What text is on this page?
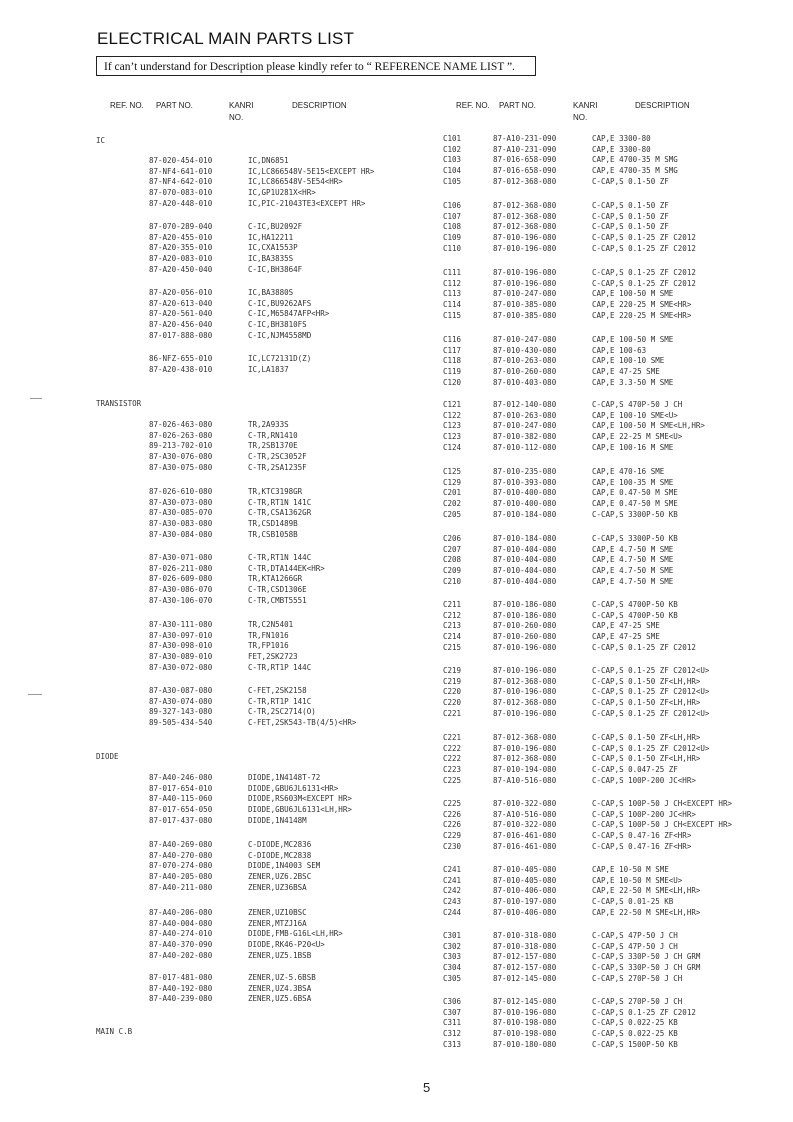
ELECTRICAL MAIN PARTS LIST
If can’t understand for Description please kindly refer to “ REFERENCE NAME LIST ”.
REF. NO. PART NO.	KANRI
NO.
DESCRIPTION	REF. NO. PART NO.	KANRI
NO.
DESCRIPTION
IC
TRANSISTOR
DIODE
MAIN C.B
87-020-454-010	IC,DN6851
87-NF4-641-010	IC,LC866548V-5E15<EXCEPT HR>
87-NF4-642-010	IC,LC866548V-5E54<HR>
87-070-083-010	IC,GP1U281X<HR>
87-A20-448-010	IC,PIC-21043TE3<EXCEPT HR>
87-070-289-040	C-IC,BU2092F
87-A20-455-010	IC,HA12211
87-A20-355-010	IC,CXA1553P
87-A20-083-010	IC,BA3835S
87-A20-450-040	C-IC,BH3864F
87-A20-056-010	IC,BA3880S
87-A20-613-040	C-IC,BU9262AFS
87-A20-561-040	C-IC,M65847AFP<HR>
87-A20-456-040	C-IC,BH3810FS
87-017-888-080	C-IC,NJM4558MD
86-NFZ-655-010	IC,LC72131D(Z)
87-A20-438-010	IC,LA1837
87-026-463-080	TR,2A933S
87-026-263-080	C-TR,RN1410
89-213-702-010	TR,2SB1370E
87-A30-076-080	C-TR,2SC3052F
87-A30-075-080	C-TR,2SA1235F
87-026-610-080	TR,KTC3198GR
87-A30-073-080	C-TR,RT1N 141C
87-A30-085-070	C-TR,CSA1362GR
87-A30-083-080	TR,CSD1489B
87-A30-084-080	TR,CSB1058B
87-A30-071-080	C-TR,RT1N 144C
87-026-211-080	C-TR,DTA144EK<HR>
87-026-609-080	TR,KTA1266GR
87-A30-086-070	C-TR,CSD1306E
87-A30-106-070	C-TR,CMBT5551
87-A30-111-080	TR,C2N5401
87-A30-097-010	TR,FN1016
87-A30-098-010	TR,FP1016
87-A30-089-010	FET,2SK2723
87-A30-072-080	C-TR,RT1P 144C
87-A30-087-080	C-FET,2SK2158
87-A30-074-080	C-TR,RT1P 141C
89-327-143-080	C-TR,2SC2714(O)
89-505-434-540	C-FET,2SK543-TB(4/5)<HR>
87-A40-246-080	DIODE,1N4148T-72
87-017-654-010	DIODE,GBU6JL6131<HR>
87-A40-115-060	DIODE,RS603M<EXCEPT HR>
87-017-654-050	DIODE,GBU6JL6131<LH,HR>
87-017-437-080	DIODE,1N4148M
87-A40-269-080	C-DIODE,MC2836
87-A40-270-080	C-DIODE,MC2838
87-070-274-080	DIODE,1N4003 SEM
87-A40-205-080	ZENER,UZ6.2BSC
87-A40-211-080	ZENER,UZ36BSA
87-A40-206-080	ZENER,UZ10BSC
87-A40-004-080	ZENER,MTZJ16A
87-A40-274-010	DIODE,FMB-G16L<LH,HR>
87-A40-370-090	DIODE,RK46-P20<U>
87-A40-202-080	ZENER,UZ5.1BSB
87-017-481-080	ZENER,UZ-5.6BSB
87-A40-192-080	ZENER,UZ4.3BSA
87-A40-239-080	ZENER,UZ5.6BSA
C101	87-A10-231-090	CAP,E 3300-80
C102	87-A10-231-090	CAP,E 3300-80
C103	87-016-658-090	CAP,E 4700-35 M SMG
C104	87-016-658-090	CAP,E 4700-35 M SMG
C105	87-012-368-080	C-CAP,S 0.1-50 ZF
C106	87-012-368-080	C-CAP,S 0.1-50 ZF
C107	87-012-368-080	C-CAP,S 0.1-50 ZF
C108	87-012-368-080	C-CAP,S 0.1-50 ZF
C109	87-010-196-080	C-CAP,S 0.1-25 ZF C2012
C110	87-010-196-080	C-CAP,S 0.1-25 ZF C2012
C111	87-010-196-080	C-CAP,S 0.1-25 ZF C2012
C112	87-010-196-080	C-CAP,S 0.1-25 ZF C2012
C113	87-010-247-080	CAP,E 100-50 M SME
C114	87-010-385-080	CAP,E 220-25 M SME<HR>
C115	87-010-385-080	CAP,E 220-25 M SME<HR>
C116	87-010-247-080	CAP,E 100-50 M SME
C117	87-010-430-080	CAP,E 100-63
C118	87-010-263-080	CAP,E 100-10 SME
C119	87-010-260-080	CAP,E 47-25 SME
C120	87-010-403-080	CAP,E 3.3-50 M SME
C121	87-012-140-080	C-CAP,S 470P-50 J CH
C122	87-010-263-080	CAP,E 100-10 SME<U>
C123	87-010-247-080	CAP,E 100-50 M SME<LH,HR>
C123	87-010-382-080	CAP,E 22-25 M SME<U>
C124	87-010-112-080	CAP,E 100-16 M SME
C125	87-010-235-080	CAP,E 470-16 SME
C129	87-010-393-080	CAP,E 100-35 M SME
C201	87-010-400-080	CAP,E 0.47-50 M SME
C202	87-010-400-080	CAP,E 0.47-50 M SME
C205	87-010-184-080	C-CAP,S 3300P-50 KB
C206	87-010-184-080	C-CAP,S 3300P-50 KB
C207	87-010-404-080	CAP,E 4.7-50 M SME
C208	87-010-404-080	CAP,E 4.7-50 M SME
C209	87-010-404-080	CAP,E 4.7-50 M SME
C210	87-010-404-080	CAP,E 4.7-50 M SME
C211	87-010-186-080	C-CAP,S 4700P-50 KB
C212	87-010-186-080	C-CAP,S 4700P-50 KB
C213	87-010-260-080	CAP,E 47-25 SME
C214	87-010-260-080	CAP,E 47-25 SME
C215	87-010-196-080	C-CAP,S 0.1-25 ZF C2012
C219	87-010-196-080	C-CAP,S 0.1-25 ZF C2012<U>
C219	87-012-368-080	C-CAP,S 0.1-50 ZF<LH,HR>
C220	87-010-196-080	C-CAP,S 0.1-25 ZF C2012<U>
C220	87-012-368-080	C-CAP,S 0.1-50 ZF<LH,HR>
C221	87-010-196-080	C-CAP,S 0.1-25 ZF C2012<U>
C221	87-012-368-080	C-CAP,S 0.1-50 ZF<LH,HR>
C222	87-010-196-080	C-CAP,S 0.1-25 ZF C2012<U>
C222	87-012-368-080	C-CAP,S 0.1-50 ZF<LH,HR>
C223	87-010-194-080	C-CAP,S 0.047-25 ZF
C225	87-A10-516-080	C-CAP,S 100P-200 JC<HR>
C225	87-010-322-080	C-CAP,S 100P-50 J CH<EXCEPT HR>
C226	87-A10-516-080	C-CAP,S 100P-200 JC<HR>
C226	87-010-322-080	C-CAP,S 100P-50 J CH<EXCEPT HR>
C229	87-016-461-080	C-CAP,S 0.47-16 ZF<HR>
C230	87-016-461-080	C-CAP,S 0.47-16 ZF<HR>
C241	87-010-405-080	CAP,E 10-50 M SME
C241	87-010-405-080	CAP,E 10-50 M SME<U>
C242	87-010-406-080	CAP,E 22-50 M SME<LH,HR>
C243	87-010-197-080	C-CAP,S 0.01-25 KB
C244	87-010-406-080	CAP,E 22-50 M SME<LH,HR>
C301	87-010-318-080	C-CAP,S 47P-50 J CH
C302	87-010-318-080	C-CAP,S 47P-50 J CH
C303	87-012-157-080	C-CAP,S 330P-50 J CH GRM
C304	87-012-157-080	C-CAP,S 330P-50 J CH GRM
C305	87-012-145-080	C-CAP,S 270P-50 J CH
C306	87-012-145-080	C-CAP,S 270P-50 J CH
C307	87-010-196-080	C-CAP,S 0.1-25 ZF C2012
C311	87-010-198-080	C-CAP,S 0.022-25 KB
C312	87-010-198-080	C-CAP,S 0.022-25 KB
C313	87-010-180-080	C-CAP,S 1500P-50 KB
5
